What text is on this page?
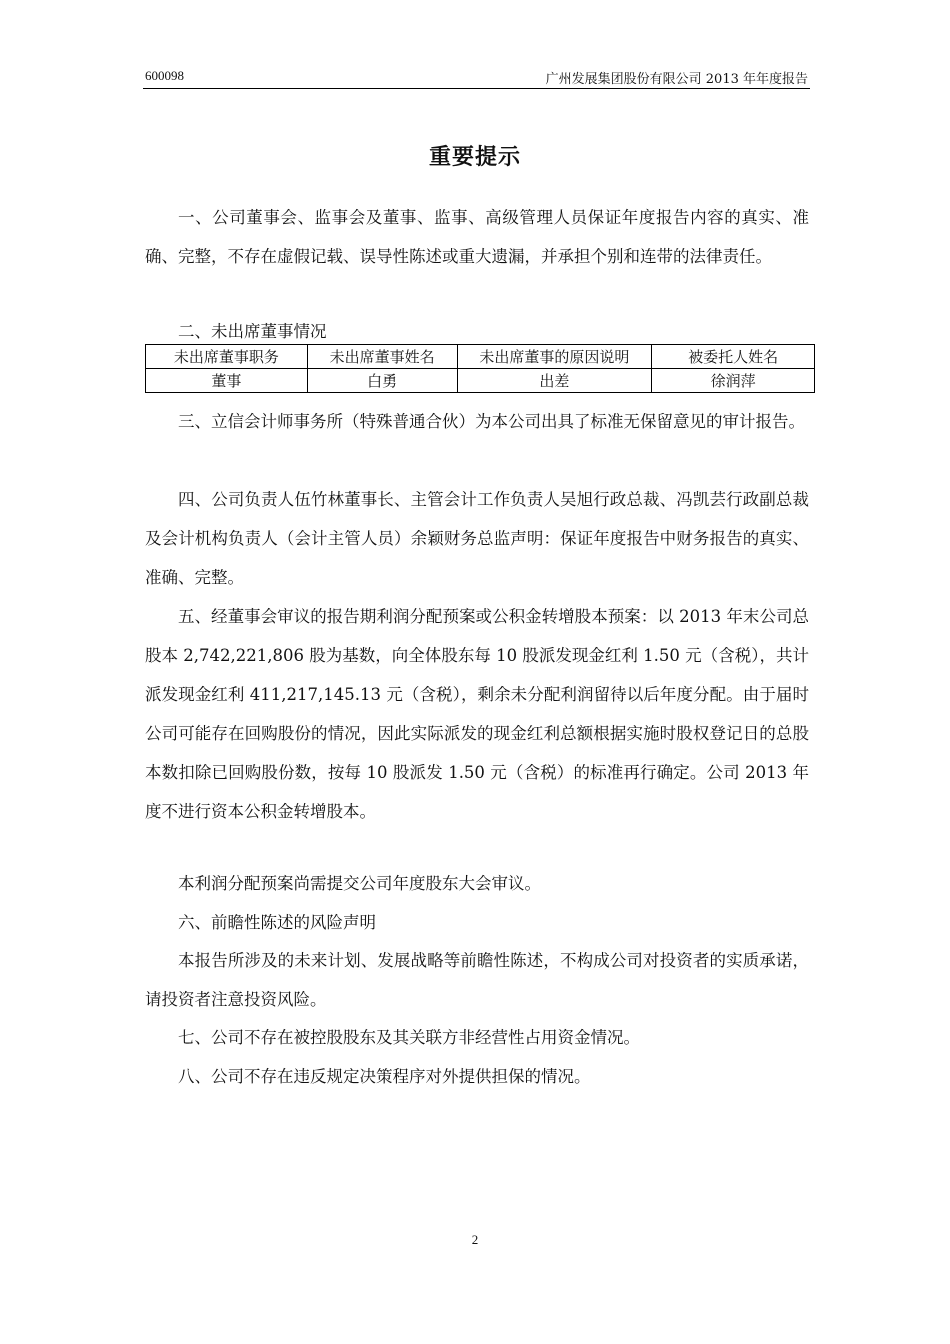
600098	广州发展集团股份有限公司 2013 年年度报告
重要提示

一、公司董事会、监事会及董事、监事、高级管理人员保证年度报告内容的真实、准确、完整，不存在虚假记载、误导性陈述或重大遗漏，并承担个别和连带的法律责任。

二、未出席董事情况

未出席董事职务	未出席董事姓名	未出席董事的原因说明	被委托人姓名
董事	白勇	出差	徐润萍

三、立信会计师事务所（特殊普通合伙）为本公司出具了标准无保留意见的审计报告。

四、公司负责人伍竹林董事长、主管会计工作负责人吴旭行政总裁、冯凯芸行政副总裁及会计机构负责人（会计主管人员）余颖财务总监声明：保证年度报告中财务报告的真实、准确、完整。

五、经董事会审议的报告期利润分配预案或公积金转增股本预案：以 2013 年末公司总股本 2,742,221,806 股为基数，向全体股东每 10 股派发现金红利 1.50 元（含税），共计派发现金红利 411,217,145.13 元（含税），剩余未分配利润留待以后年度分配。由于届时公司可能存在回购股份的情况，因此实际派发的现金红利总额根据实施时股权登记日的总股本数扣除已回购股份数，按每 10 股派发 1.50 元（含税）的标准再行确定。公司 2013 年度不进行资本公积金转增股本。

本利润分配预案尚需提交公司年度股东大会审议。

六、前瞻性陈述的风险声明

本报告所涉及的未来计划、发展战略等前瞻性陈述，不构成公司对投资者的实质承诺，请投资者注意投资风险。

七、公司不存在被控股股东及其关联方非经营性占用资金情况。

八、公司不存在违反规定决策程序对外提供担保的情况。

2
